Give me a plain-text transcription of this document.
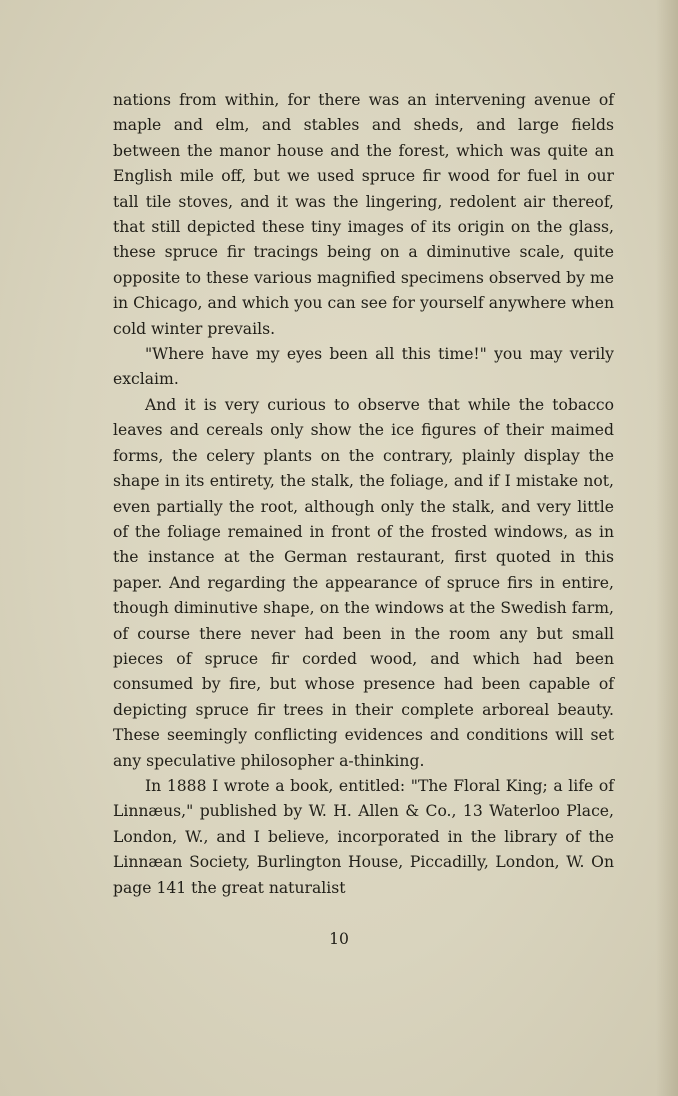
nations from within, for there was an intervening avenue of maple and elm, and stables and sheds, and large fields between the manor house and the forest, which was quite an English mile off, but we used spruce fir wood for fuel in our tall tile stoves, and it was the lingering, redolent air thereof, that still depicted these tiny images of its origin on the glass, these spruce fir tracings being on a diminutive scale, quite opposite to these various magnified specimens observed by me in Chicago, and which you can see for yourself anywhere when cold winter prevails.

"Where have my eyes been all this time!" you may verily exclaim.

And it is very curious to observe that while the tobacco leaves and cereals only show the ice figures of their maimed forms, the celery plants on the contrary, plainly display the shape in its entirety, the stalk, the foliage, and if I mistake not, even partially the root, although only the stalk, and very little of the foliage remained in front of the frosted windows, as in the instance at the German restaurant, first quoted in this paper. And regarding the appearance of spruce firs in entire, though diminutive shape, on the windows at the Swedish farm, of course there never had been in the room any but small pieces of spruce fir corded wood, and which had been consumed by fire, but whose presence had been capable of depicting spruce fir trees in their complete arboreal beauty. These seemingly conflicting evidences and conditions will set any speculative philosopher a-thinking.

In 1888 I wrote a book, entitled: "The Floral King; a life of Linnæus," published by W. H. Allen & Co., 13 Waterloo Place, London, W., and I believe, incorporated in the library of the Linnæan Society, Burlington House, Piccadilly, London, W. On page 141 the great naturalist

10
